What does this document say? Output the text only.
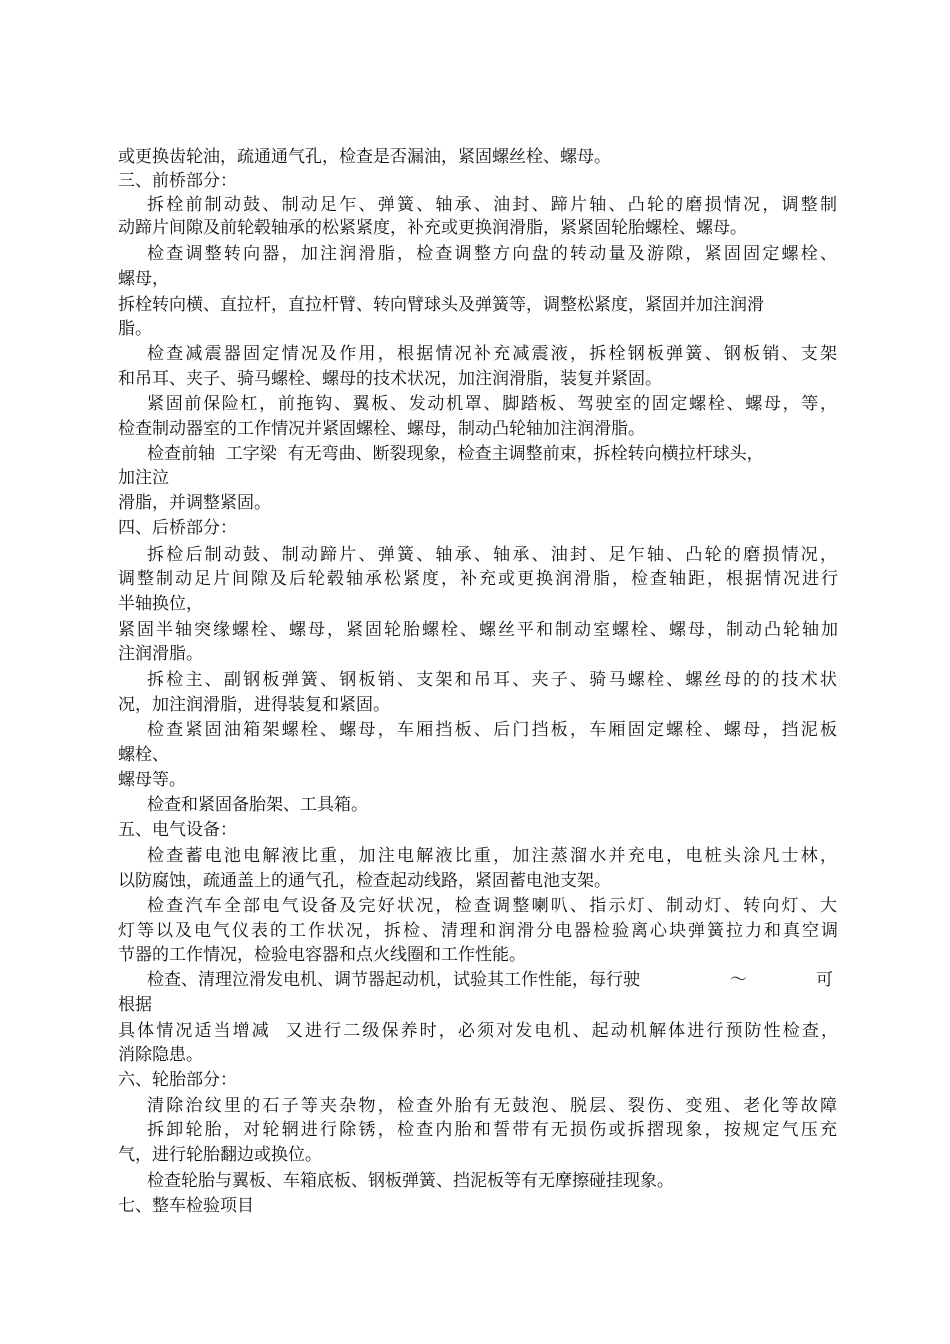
或更换齿轮油，疏通通气孔，检查是否漏油，紧固螺丝栓、螺母。
三、前桥部分：
拆栓前制动鼓、制动足乍、弹簧、轴承、油封、蹄片轴、凸轮的磨损情况，调整制
动蹄片间隙及前轮毂轴承的松紧紧度，补充或更换润滑脂，紧紧固轮胎螺栓、螺母。
检查调整转向器，加注润滑脂，检查调整方向盘的转动量及游隙，紧固固定螺栓、
螺母，
拆栓转向横、直拉杆，直拉杆臂、转向臂球头及弹簧等，调整松紧度，紧固并加注润滑
脂。
检查减震器固定情况及作用，根据情况补充减震液，拆栓钢板弹簧、钢板销、支架
和吊耳、夹子、骑马螺栓、螺母的技术状况，加注润滑脂，装复并紧固。
紧固前保险杠，前拖钩、翼板、发动机罩、脚踏板、驾驶室的固定螺栓、螺母，等，
检查制动器室的工作情况并紧固螺栓、螺母，制动凸轮轴加注润滑脂。
检查前轴  工字梁  有无弯曲、断裂现象，检查主调整前束，拆栓转向横拉杆球头，
加注泣
滑脂，并调整紧固。
四、后桥部分：
拆检后制动鼓、制动蹄片、弹簧、轴承、轴承、油封、足乍轴、凸轮的磨损情况，
调整制动足片间隙及后轮毂轴承松紧度，补充或更换润滑脂，检查轴距，根据情况进行
半轴换位，
紧固半轴突缘螺栓、螺母，紧固轮胎螺栓、螺丝平和制动室螺栓、螺母，制动凸轮轴加
注润滑脂。
拆检主、副钢板弹簧、钢板销、支架和吊耳、夹子、骑马螺栓、螺丝母的的技术状
况，加注润滑脂，进得装复和紧固。
检查紧固油箱架螺栓、螺母，车厢挡板、后门挡板，车厢固定螺栓、螺母，挡泥板
螺栓、
螺母等。
检查和紧固备胎架、工具箱。
五、电气设备：
检查蓄电池电解液比重，加注电解液比重，加注蒸溜水并充电，电桩头涂凡士林，
以防腐蚀，疏通盖上的通气孔，检查起动线路，紧固蓄电池支架。
检查汽车全部电气设备及完好状况，检查调整喇叭、指示灯、制动灯、转向灯、大
灯等以及电气仪表的工作状况，拆检、清理和润滑分电器检验离心块弹簧拉力和真空调
节器的工作情况，检验电容器和点火线圈和工作性能。
检查、清理泣滑发电机、调节器起动机，试验其工作性能，每行驶	～	可
根据
具体情况适当增减  又进行二级保养时，必须对发电机、起动机解体进行预防性检查，
消除隐患。
六、轮胎部分：
清除治纹里的石子等夹杂物，检查外胎有无鼓泡、脱层、裂伤、变殂、老化等故障
拆卸轮胎，对轮辋进行除锈，检查内胎和誓带有无损伤或拆摺现象，按规定气压充
气，进行轮胎翻边或换位。
检查轮胎与翼板、车箱底板、钢板弹簧、挡泥板等有无摩擦碰挂现象。
七、整车检验项目
